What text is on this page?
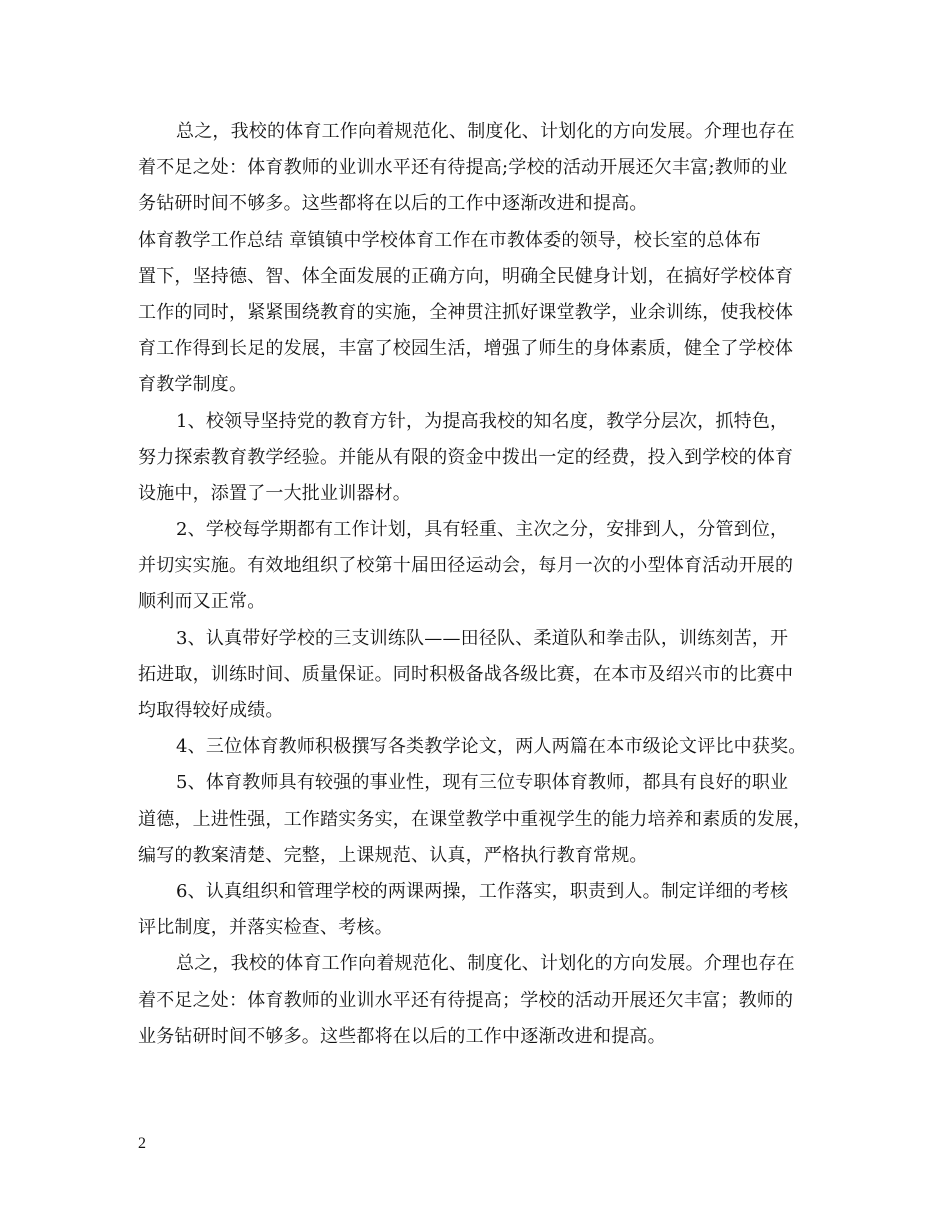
总之，我校的体育工作向着规范化、制度化、计划化的方向发展。介理也存在
着不足之处：体育教师的业训水平还有待提高;学校的活动开展还欠丰富;教师的业
务钻研时间不够多。这些都将在以后的工作中逐渐改进和提高。
体育教学工作总结 章镇镇中学校体育工作在市教体委的领导，校长室的总体布
置下，坚持德、智、体全面发展的正确方向，明确全民健身计划，在搞好学校体育
工作的同时，紧紧围绕教育的实施，全神贯注抓好课堂教学，业余训练，使我校体
育工作得到长足的发展，丰富了校园生活，增强了师生的身体素质，健全了学校体
育教学制度。
1、校领导坚持党的教育方针，为提高我校的知名度，教学分层次，抓特色，
努力探索教育教学经验。并能从有限的资金中拨出一定的经费，投入到学校的体育
设施中，添置了一大批业训器材。
2、学校每学期都有工作计划，具有轻重、主次之分，安排到人，分管到位，
并切实实施。有效地组织了校第十届田径运动会，每月一次的小型体育活动开展的
顺利而又正常。
3、认真带好学校的三支训练队——田径队、柔道队和拳击队，训练刻苦，开
拓进取，训练时间、质量保证。同时积极备战各级比赛，在本市及绍兴市的比赛中
均取得较好成绩。
4、三位体育教师积极撰写各类教学论文，两人两篇在本市级论文评比中获奖。
5、体育教师具有较强的事业性，现有三位专职体育教师，都具有良好的职业
道德，上进性强，工作踏实务实，在课堂教学中重视学生的能力培养和素质的发展，
编写的教案清楚、完整，上课规范、认真，严格执行教育常规。
6、认真组织和管理学校的两课两操，工作落实，职责到人。制定详细的考核
评比制度，并落实检查、考核。
总之，我校的体育工作向着规范化、制度化、计划化的方向发展。介理也存在
着不足之处：体育教师的业训水平还有待提高；学校的活动开展还欠丰富；教师的
业务钻研时间不够多。这些都将在以后的工作中逐渐改进和提高。
2
